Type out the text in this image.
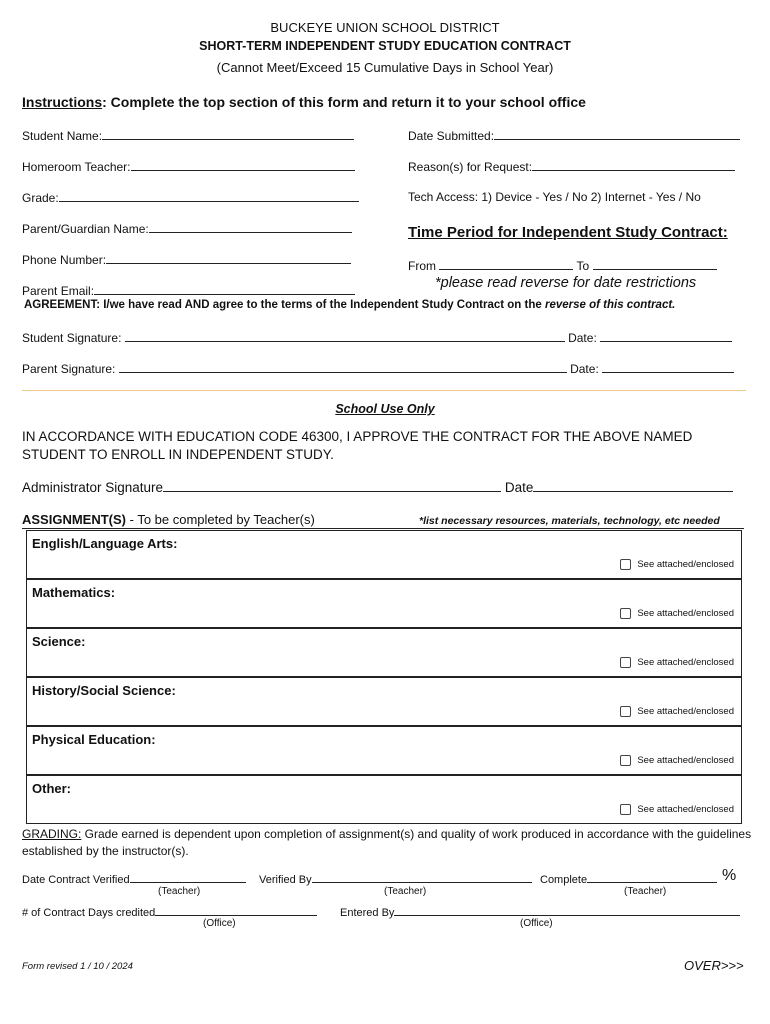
BUCKEYE UNION SCHOOL DISTRICT
SHORT-TERM INDEPENDENT STUDY EDUCATION CONTRACT
(Cannot Meet/Exceed 15 Cumulative Days in School Year)
Instructions: Complete the top section of this form and return it to your school office
Student Name:
Homeroom Teacher:
Grade:
Parent/Guardian Name:
Phone Number:
Parent Email:
Date Submitted:
Reason(s) for Request:
Tech Access: 1) Device - Yes / No 2) Internet - Yes / No
Time Period for Independent Study Contract:
From	To
*please read reverse for date restrictions
AGREEMENT: I/we have read AND agree to the terms of the Independent Study Contract on the reverse of this contract.
Student Signature:	Date:
Parent Signature:	Date:
School Use Only
IN ACCORDANCE WITH EDUCATION CODE 46300, I APPROVE THE CONTRACT FOR THE ABOVE NAMED STUDENT TO ENROLL IN INDEPENDENT STUDY.
Administrator Signature	Date
ASSIGNMENT(S) - To be completed by Teacher(s)	*list necessary resources, materials, technology, etc needed
English/Language Arts:
See attached/enclosed
Mathematics:
See attached/enclosed
Science:
See attached/enclosed
History/Social Science:
See attached/enclosed
Physical Education:
See attached/enclosed
Other:
See attached/enclosed
GRADING: Grade earned is dependent upon completion of assignment(s) and quality of work produced in accordance with the guidelines established by the instructor(s).
Date Contract Verified	Verified By	Complete	%
(Teacher)	(Teacher)	(Teacher)
# of Contract Days credited	Entered By
(Office)	(Office)
Form revised 1 / 10 / 2024	OVER>>>
